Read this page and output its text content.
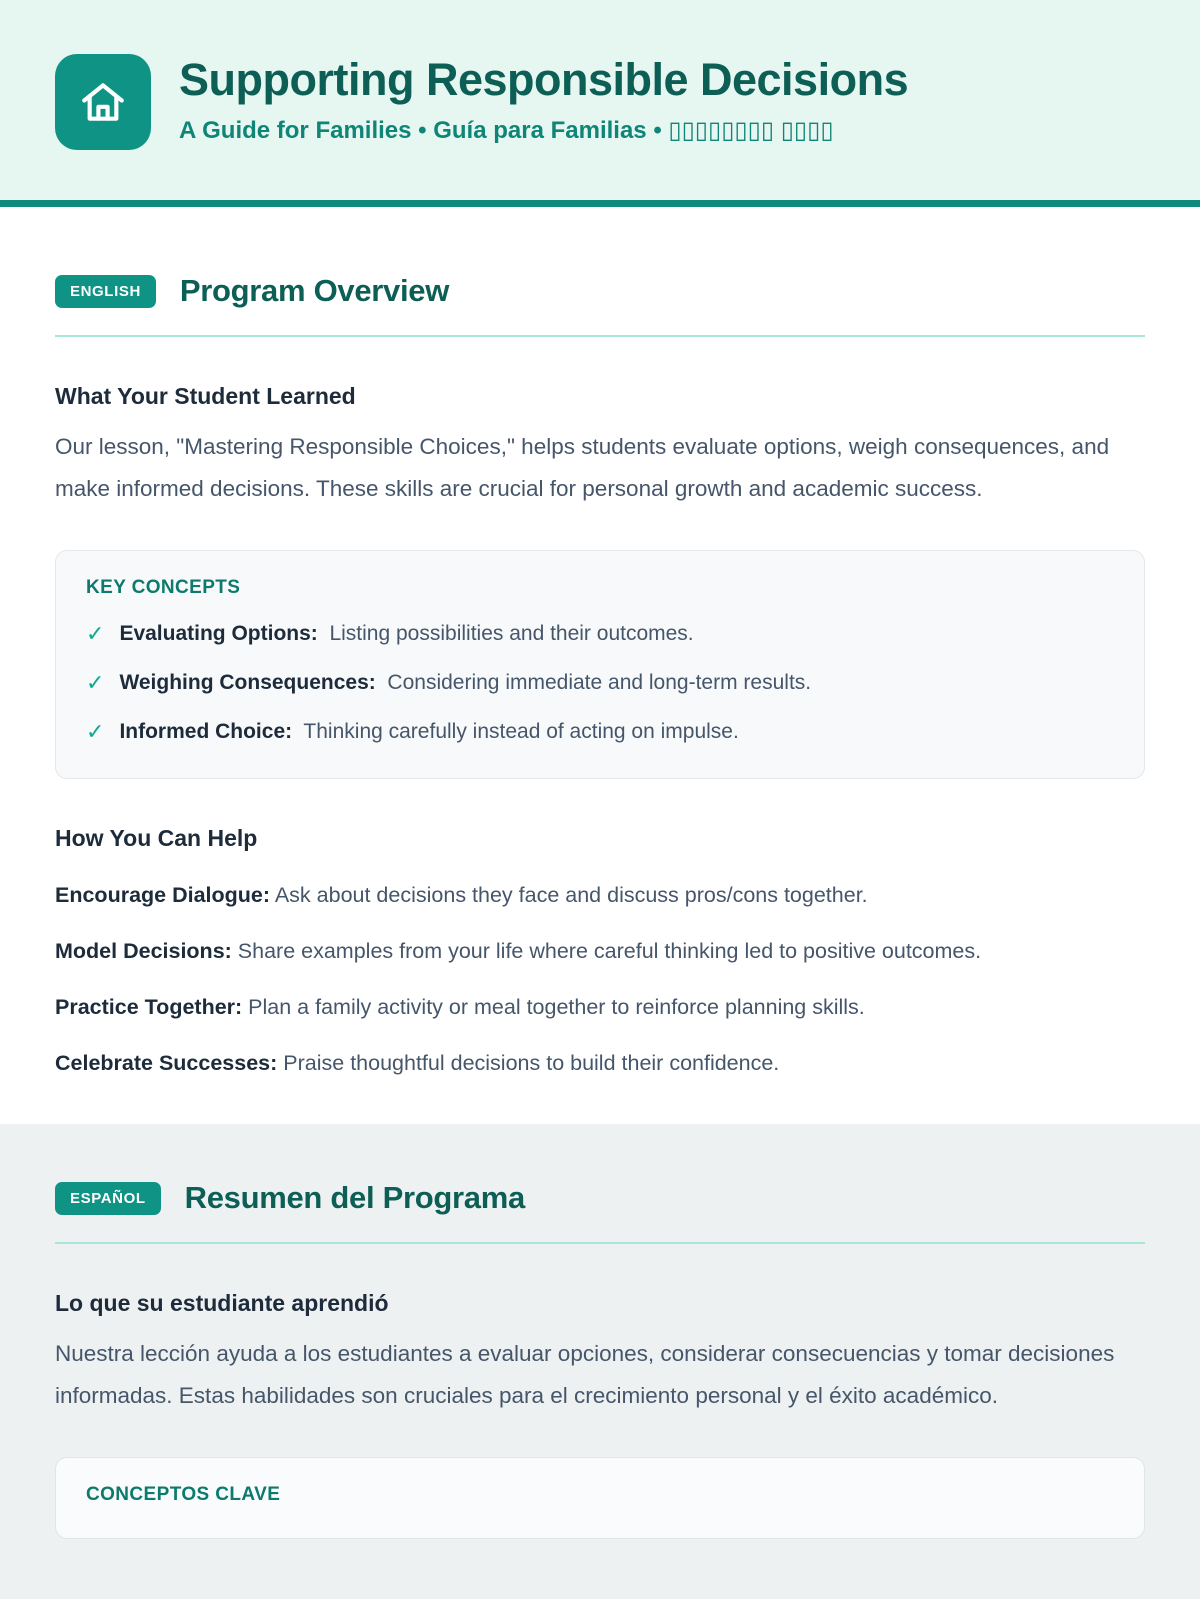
Supporting Responsible Decisions
A Guide for Families • Guía para Familias • ▯▯▯▯▯▯▯▯ ▯▯▯▯
ENGLISH	Program Overview
What Your Student Learned

Our lesson, "Mastering Responsible Choices," helps students evaluate options, weigh consequences, and make informed decisions. These skills are crucial for personal growth and academic success.

KEY CONCEPTS
✓ Evaluating Options: Listing possibilities and their outcomes.
✓ Weighing Consequences: Considering immediate and long-term results.
✓ Informed Choice: Thinking carefully instead of acting on impulse.
How You Can Help
Encourage Dialogue: Ask about decisions they face and discuss pros/cons together.
Model Decisions: Share examples from your life where careful thinking led to positive outcomes.
Practice Together: Plan a family activity or meal together to reinforce planning skills.
Celebrate Successes: Praise thoughtful decisions to build their confidence.
ESPAÑOL	Resumen del Programa
Lo que su estudiante aprendió

Nuestra lección ayuda a los estudiantes a evaluar opciones, considerar consecuencias y tomar decisiones informadas. Estas habilidades son cruciales para el crecimiento personal y el éxito académico.

CONCEPTOS CLAVE
